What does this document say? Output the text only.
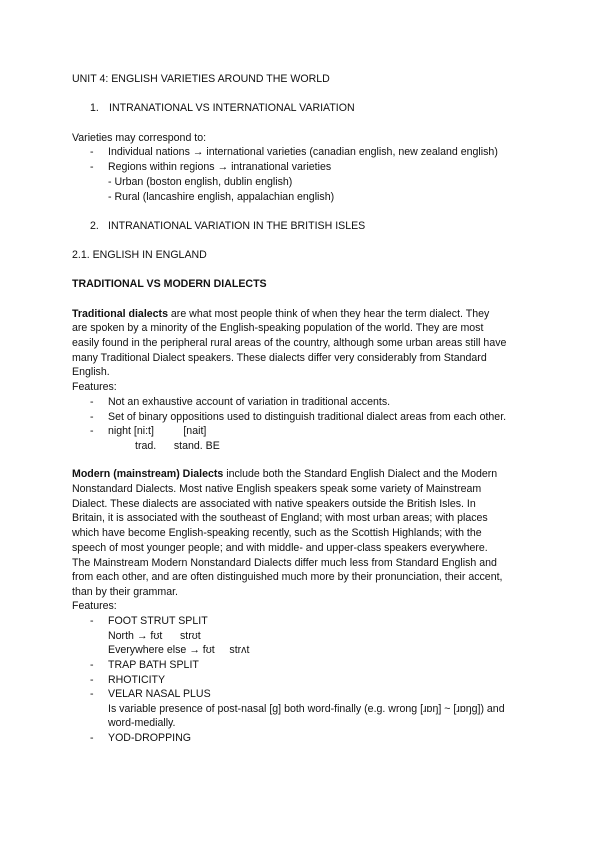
UNIT 4: ENGLISH VARIETIES AROUND THE WORLD
1. INTRANATIONAL VS INTERNATIONAL VARIATION
Varieties may correspond to:
- Individual nations → international varieties (canadian english, new zealand english)
- Regions within regions → intranational varieties
- Urban (boston english, dublin english)
- Rural (lancashire english, appalachian english)
2. INTRANATIONAL VARIATION IN THE BRITISH ISLES
2.1. ENGLISH IN ENGLAND
TRADITIONAL VS MODERN DIALECTS
Traditional dialects are what most people think of when they hear the term dialect. They
are spoken by a minority of the English-speaking population of the world. They are most
easily found in the peripheral rural areas of the country, although some urban areas still have
many Traditional Dialect speakers. These dialects differ very considerably from Standard
English.
Features:
- Not an exhaustive account of variation in traditional accents.
- Set of binary oppositions used to distinguish traditional dialect areas from each other.
- night [ni:t]          [nait]
trad.      stand. BE
Modern (mainstream) Dialects include both the Standard English Dialect and the Modern
Nonstandard Dialects. Most native English speakers speak some variety of Mainstream
Dialect. These dialects are associated with native speakers outside the British Isles. In
Britain, it is associated with the southeast of England; with most urban areas; with places
which have become English-speaking recently, such as the Scottish Highlands; with the
speech of most younger people; and with middle- and upper-class speakers everywhere.
The Mainstream Modern Nonstandard Dialects differ much less from Standard English and
from each other, and are often distinguished much more by their pronunciation, their accent,
than by their grammar.
Features:
- FOOT STRUT SPLIT
North → fʊt      strʊt
Everywhere else → fʊt     strʌt
- TRAP BATH SPLIT
- RHOTICITY
- VELAR NASAL PLUS
Is variable presence of post-nasal [g] both word-finally (e.g. wrong [ɹɒŋ] ~ [ɹɒŋg]) and
word-medially.
- YOD-DROPPING
